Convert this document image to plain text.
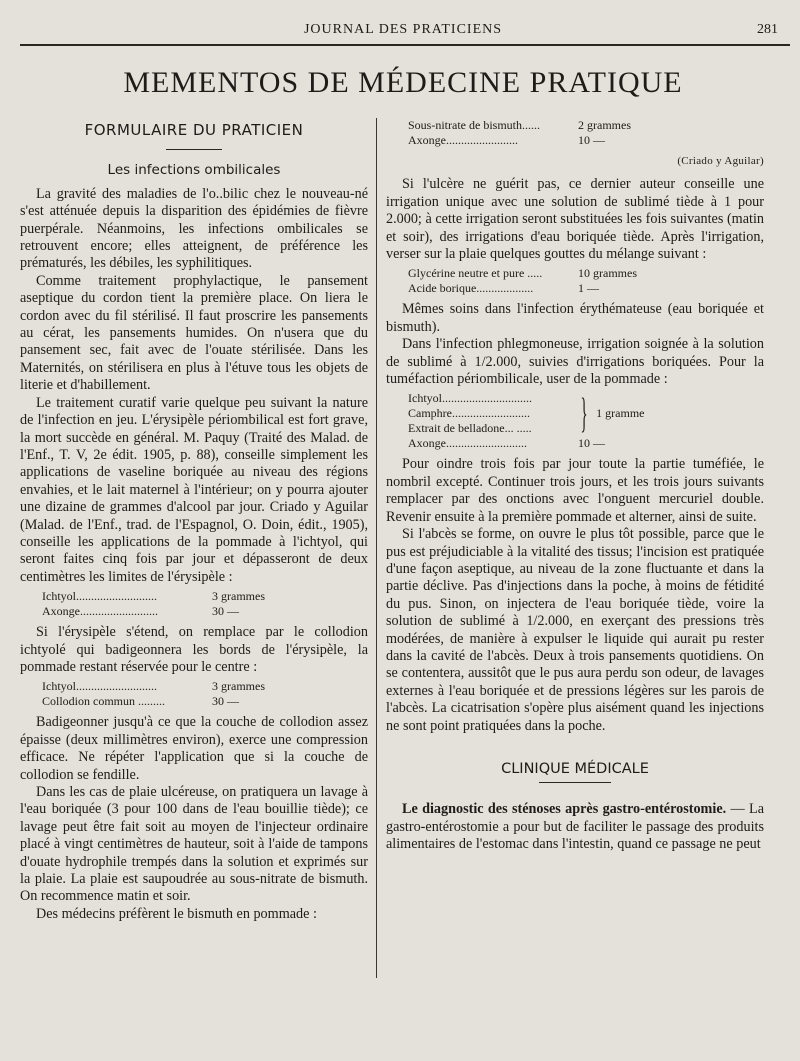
JOURNAL DES PRATICIENS	281
MEMENTOS DE MÉDECINE PRATIQUE
FORMULAIRE DU PRATICIEN
Les infections ombilicales

La gravité des maladies de l'o..bilic chez le nouveau-né s'est atténuée depuis la disparition des épidémies de fièvre puerpérale. Néanmoins, les infections ombilicales se retrouvent encore; elles atteignent, de préférence les prématurés, les débiles, les syphilitiques.

Comme traitement prophylactique, le pansement aseptique du cordon tient la première place. On liera le cordon avec du fil stérilisé. Il faut proscrire les pansements au cérat, les pansements humides. On n'usera que du pansement sec, fait avec de l'ouate stérilisée. Dans les Maternités, on stérilisera en plus à l'étuve tous les objets de literie et d'habillement.

Le traitement curatif varie quelque peu suivant la nature de l'infection en jeu. L'érysipèle périombilical est fort grave, la mort succède en général. M. Paquy (Traité des Malad. de l'Enf., T. V, 2e édit. 1905, p. 88), conseille simplement les applications de vaseline boriquée au niveau des régions envahies, et le lait maternel à l'intérieur; on y pourra ajouter une dizaine de grammes d'alcool par jour. Criado y Aguilar (Malad. de l'Enf., trad. de l'Espagnol, O. Doin, édit., 1905), conseille les applications de la pommade à l'ichtyol, qui seront faites cinq fois par jour et dépasseront de deux centimètres les limites de l'érysipèle :

Ichtyol...........................	3 grammes
Axonge..........................	30 —

Si l'érysipèle s'étend, on remplace par le collodion ichtyolé qui badigeonnera les bords de l'érysipèle, la pommade restant réservée pour le centre :

Ichtyol...........................	3 grammes
Collodion commun .........	30 —

Badigeonner jusqu'à ce que la couche de collodion assez épaisse (deux millimètres environ), exerce une compression efficace. Ne répéter l'application que si la couche de collodion se fendille.

Dans les cas de plaie ulcéreuse, on pratiquera un lavage à l'eau boriquée (3 pour 100 dans de l'eau bouillie tiède); ce lavage peut être fait soit au moyen de l'injecteur ordinaire placé à vingt centimètres de hauteur, soit à l'aide de tampons d'ouate hydrophile trempés dans la solution et exprimés sur la plaie. La plaie est saupoudrée au sous-nitrate de bismuth. On recommence matin et soir.

Des médecins préfèrent le bismuth en pommade :

Sous-nitrate de bismuth......	2 grammes
Axonge........................	10 —
(Criado y Aguilar)

Si l'ulcère ne guérit pas, ce dernier auteur conseille une irrigation unique avec une solution de sublimé tiède à 1 pour 2.000; à cette irrigation seront substituées les fois suivantes (matin et soir), des irrigations d'eau boriquée tiède. Après l'irrigation, verser sur la plaie quelques gouttes du mélange suivant :

Glycérine neutre et pure .....	10 grammes
Acide borique...................	1 —

Mêmes soins dans l'infection érythémateuse (eau boriquée et bismuth).

Dans l'infection phlegmoneuse, irrigation soignée à la solution de sublimé à 1/2.000, suivies d'irrigations boriquées. Pour la tuméfaction périombilicale, user de la pommade :

Ichtyol..............................
Camphre..........................
Extrait de belladone... .....	} 1 gramme
Axonge...........................	10 —

Pour oindre trois fois par jour toute la partie tuméfiée, le nombril excepté. Continuer trois jours, et les trois jours suivants remplacer par des onctions avec l'onguent mercuriel double. Revenir ensuite à la première pommade et alterner, ainsi de suite.

Si l'abcès se forme, on ouvre le plus tôt possible, parce que le pus est préjudiciable à la vitalité des tissus; l'incision est pratiquée d'une façon aseptique, au niveau de la zone fluctuante et dans la partie déclive. Pas d'injections dans la poche, à moins de fétidité du pus. Sinon, on injectera de l'eau boriquée tiède, voire la solution de sublimé à 1/2.000, en exerçant des pressions très modérées, de manière à expulser le liquide qui aurait pu rester dans la cavité de l'abcès. Deux à trois pansements quotidiens. On se contentera, aussitôt que le pus aura perdu son odeur, de lavages externes à l'eau boriquée et de pressions légères sur les parois de l'abcès. La cicatrisation s'opère plus aisément quand les injections ne sont point pratiquées dans la poche.

CLINIQUE MÉDICALE

Le diagnostic des sténoses après gastro-entérostomie. — La gastro-entérostomie a pour but de faciliter le passage des produits alimentaires de l'estomac dans l'intestin, quand ce passage ne peut
